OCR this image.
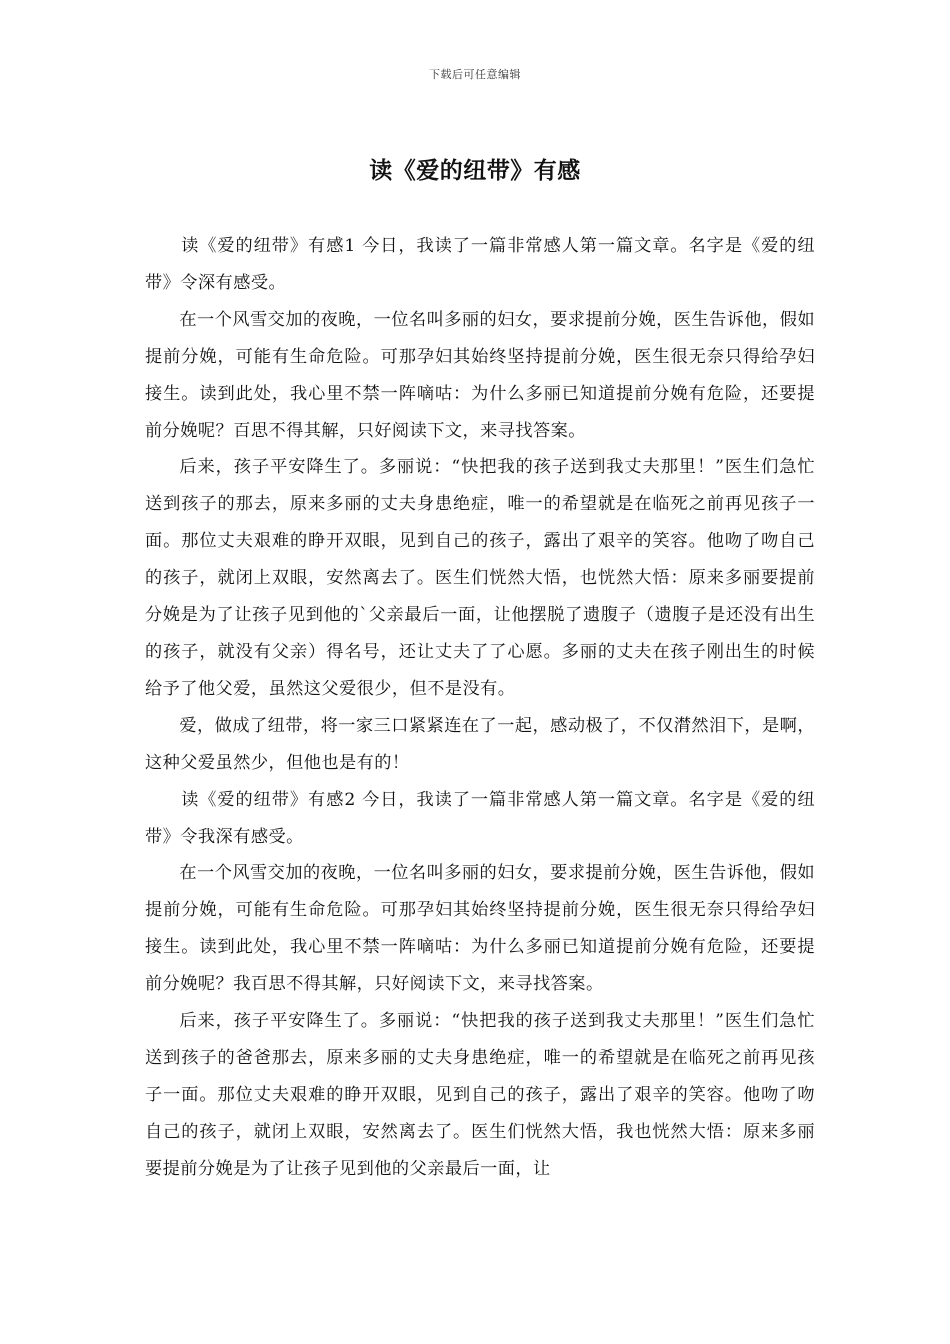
下载后可任意编辑
读《爱的纽带》有感

读《爱的纽带》有感1 今日，我读了一篇非常感人第一篇文章。名字是《爱的纽带》令深有感受。

在一个风雪交加的夜晚，一位名叫多丽的妇女，要求提前分娩，医生告诉他，假如提前分娩，可能有生命危险。可那孕妇其始终坚持提前分娩，医生很无奈只得给孕妇接生。读到此处，我心里不禁一阵嘀咕：为什么多丽已知道提前分娩有危险，还要提前分娩呢？百思不得其解，只好阅读下文，来寻找答案。

后来，孩子平安降生了。多丽说：“快把我的孩子送到我丈夫那里！”医生们急忙送到孩子的那去，原来多丽的丈夫身患绝症，唯一的希望就是在临死之前再见孩子一面。那位丈夫艰难的睁开双眼，见到自己的孩子，露出了艰辛的笑容。他吻了吻自己的孩子，就闭上双眼，安然离去了。医生们恍然大悟，也恍然大悟：原来多丽要提前分娩是为了让孩子见到他的`父亲最后一面，让他摆脱了遗腹子（遗腹子是还没有出生的孩子，就没有父亲）得名号，还让丈夫了了心愿。多丽的丈夫在孩子刚出生的时候给予了他父爱，虽然这父爱很少，但不是没有。

爱，做成了纽带，将一家三口紧紧连在了一起，感动极了，不仅潸然泪下，是啊，这种父爱虽然少，但他也是有的！

读《爱的纽带》有感2 今日，我读了一篇非常感人第一篇文章。名字是《爱的纽带》令我深有感受。

在一个风雪交加的夜晚，一位名叫多丽的妇女，要求提前分娩，医生告诉他，假如提前分娩，可能有生命危险。可那孕妇其始终坚持提前分娩，医生很无奈只得给孕妇接生。读到此处，我心里不禁一阵嘀咕：为什么多丽已知道提前分娩有危险，还要提前分娩呢？我百思不得其解，只好阅读下文，来寻找答案。

后来，孩子平安降生了。多丽说：“快把我的孩子送到我丈夫那里！”医生们急忙送到孩子的爸爸那去，原来多丽的丈夫身患绝症，唯一的希望就是在临死之前再见孩子一面。那位丈夫艰难的睁开双眼，见到自己的孩子，露出了艰辛的笑容。他吻了吻自己的孩子，就闭上双眼，安然离去了。医生们恍然大悟，我也恍然大悟：原来多丽要提前分娩是为了让孩子见到他的父亲最后一面，让
